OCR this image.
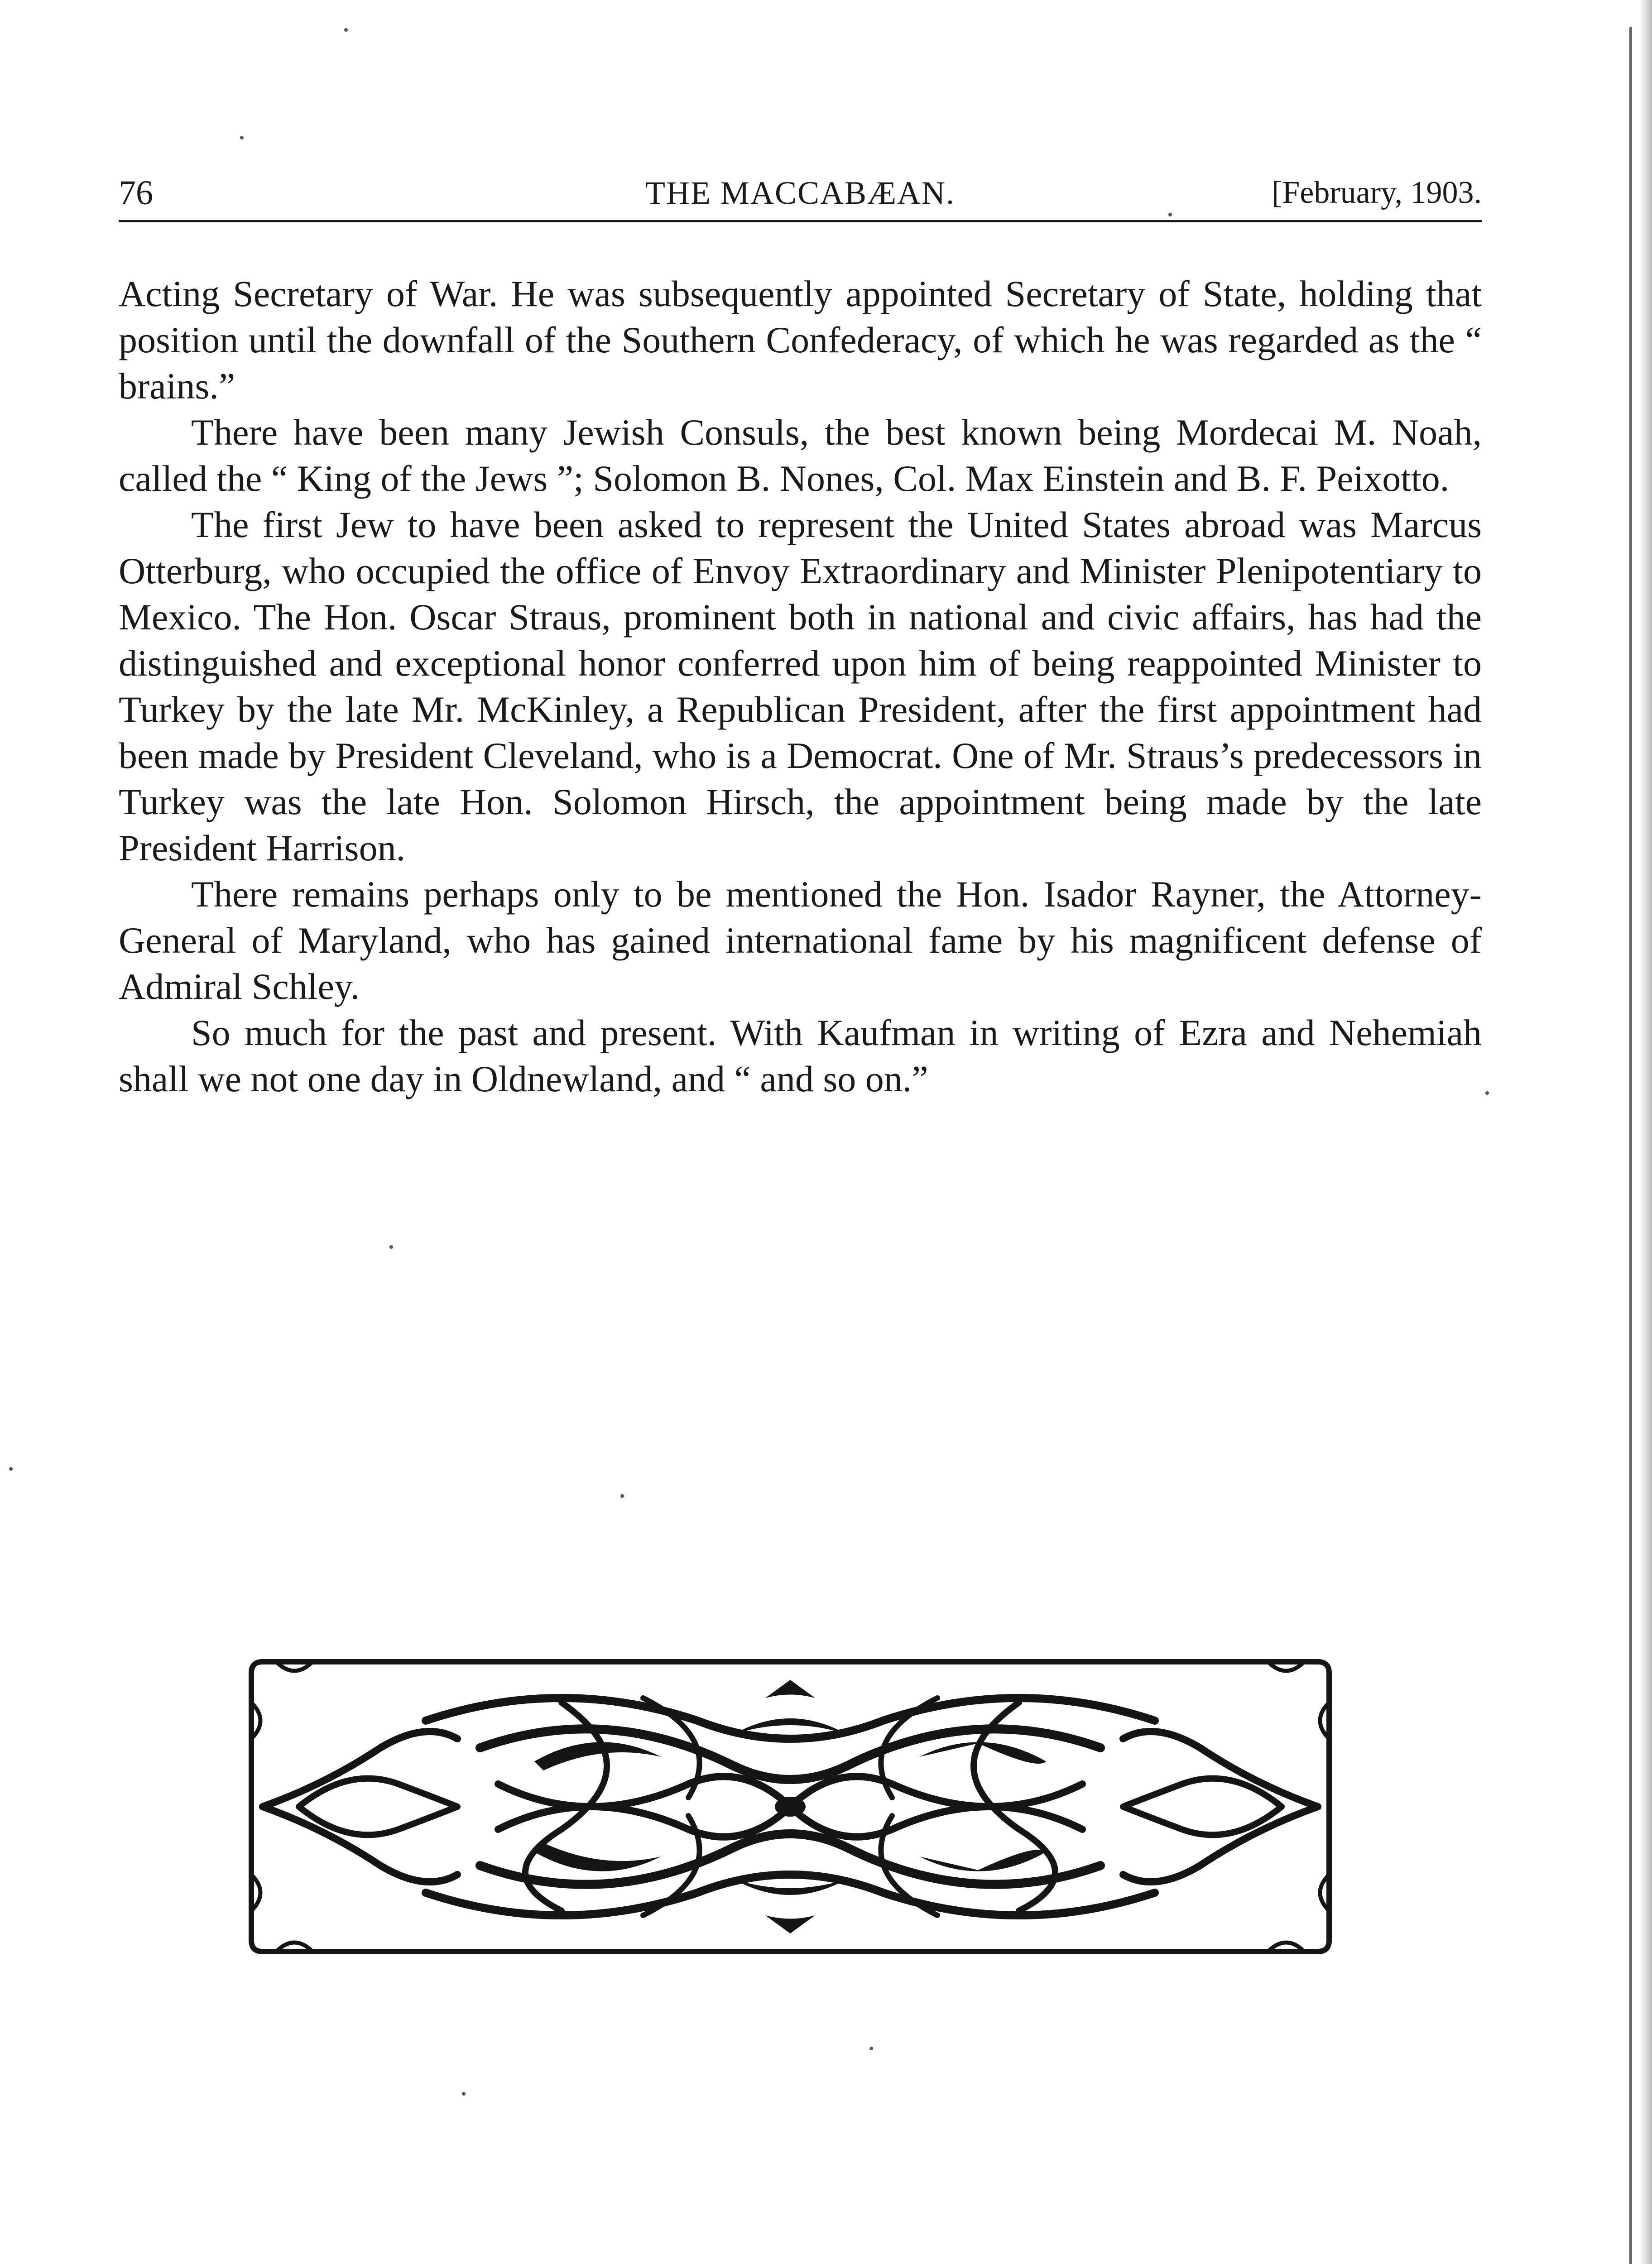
76	THE MACCABÆAN.	[February, 1903.

Acting Secretary of War. He was subsequently appointed Secretary of State, holding that position until the downfall of the Southern Confederacy, of which he was regarded as the “ brains.”

There have been many Jewish Consuls, the best known being Mordecai M. Noah, called the “ King of the Jews ”; Solomon B. Nones, Col. Max Einstein and B. F. Peixotto.

The first Jew to have been asked to represent the United States abroad was Marcus Otterburg, who occupied the office of Envoy Extraordinary and Minister Plenipotentiary to Mexico. The Hon. Oscar Straus, prominent both in national and civic affairs, has had the distinguished and exceptional honor conferred upon him of being reappointed Minister to Turkey by the late Mr. McKinley, a Republican President, after the first appointment had been made by President Cleveland, who is a Democrat. One of Mr. Straus’s predecessors in Turkey was the late Hon. Solomon Hirsch, the appointment being made by the late President Harrison.

There remains perhaps only to be mentioned the Hon. Isador Rayner, the Attorney-General of Maryland, who has gained international fame by his magnificent defense of Admiral Schley.

So much for the past and present. With Kaufman in writing of Ezra and Nehemiah shall we not one day in Oldnewland, and “ and so on.”
